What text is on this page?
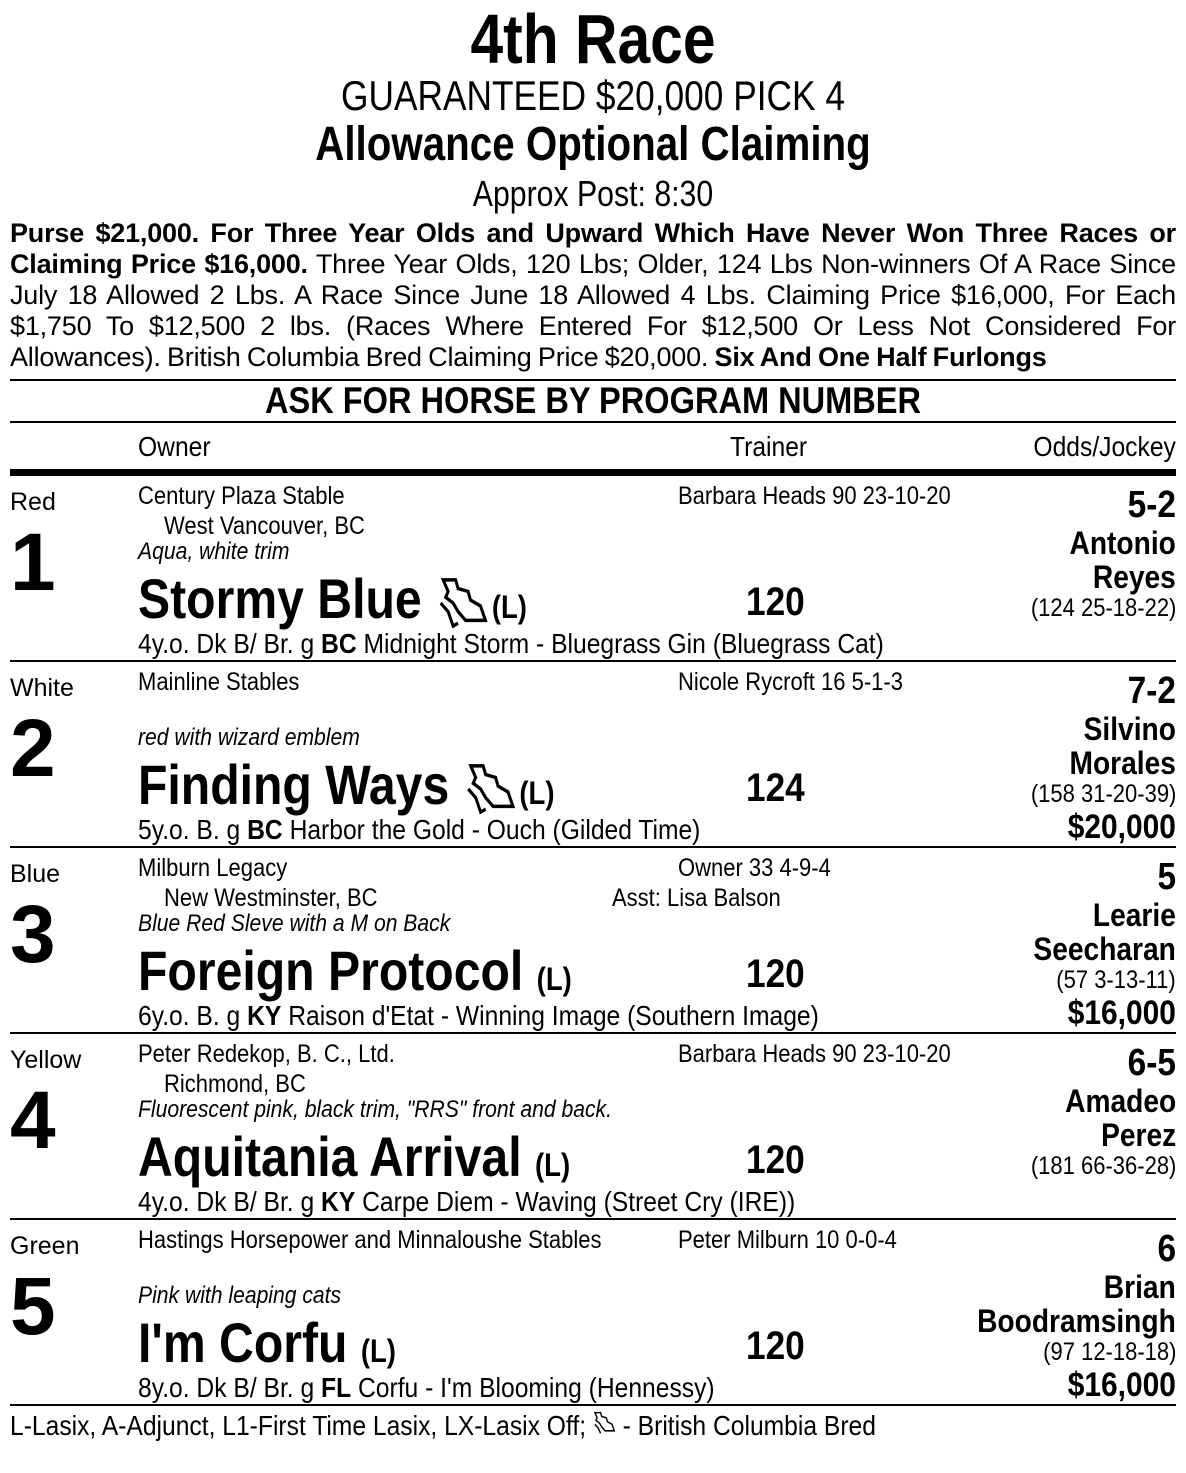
4th Race
GUARANTEED $20,000 PICK 4
Allowance Optional Claiming
Approx Post: 8:30
Purse $21,000. For Three Year Olds and Upward Which Have Never Won Three Races or Claiming Price $16,000. Three Year Olds, 120 Lbs; Older, 124 Lbs Non-winners Of A Race Since July 18 Allowed 2 Lbs. A Race Since June 18 Allowed 4 Lbs. Claiming Price $16,000, For Each $1,750 To $12,500 2 lbs. (Races Where Entered For $12,500 Or Less Not Considered For Allowances). British Columbia Bred Claiming Price $20,000. Six And One Half Furlongs
ASK FOR HORSE BY PROGRAM NUMBER
Owner	Trainer	Odds/Jockey
Red
1
Century Plaza Stable
West Vancouver, BC
Aqua, white trim
Stormy Blue (L)
4y.o. Dk B/ Br. g BC Midnight Storm - Bluegrass Gin (Bluegrass Cat)
Barbara Heads 90 23-10-20
120
5-2
Antonio
Reyes
(124 25-18-22)
White
2
Mainline Stables
red with wizard emblem
Finding Ways (L)
5y.o. B. g BC Harbor the Gold - Ouch (Gilded Time)
Nicole Rycroft 16 5-1-3
124
7-2
Silvino
Morales
(158 31-20-39)
$20,000
Blue
3
Milburn Legacy
New Westminster, BC
Blue Red Sleve with a M on Back
Foreign Protocol (L)
6y.o. B. g KY Raison d'Etat - Winning Image (Southern Image)
Owner 33 4-9-4
Asst: Lisa Balson
120
5
Learie
Seecharan
(57 3-13-11)
$16,000
Yellow
4
Peter Redekop, B. C., Ltd.
Richmond, BC
Fluorescent pink, black trim, "RRS" front and back.
Aquitania Arrival (L)
4y.o. Dk B/ Br. g KY Carpe Diem - Waving (Street Cry (IRE))
Barbara Heads 90 23-10-20
120
6-5
Amadeo
Perez
(181 66-36-28)
Green
5
Hastings Horsepower and Minnaloushe Stables
Pink with leaping cats
I'm Corfu (L)
8y.o. Dk B/ Br. g FL Corfu - I'm Blooming (Hennessy)
Peter Milburn 10 0-0-4
120
6
Brian
Boodramsingh
(97 12-18-18)
$16,000
L-Lasix, A-Adjunct, L1-First Time Lasix, LX-Lasix Off;  - British Columbia Bred
